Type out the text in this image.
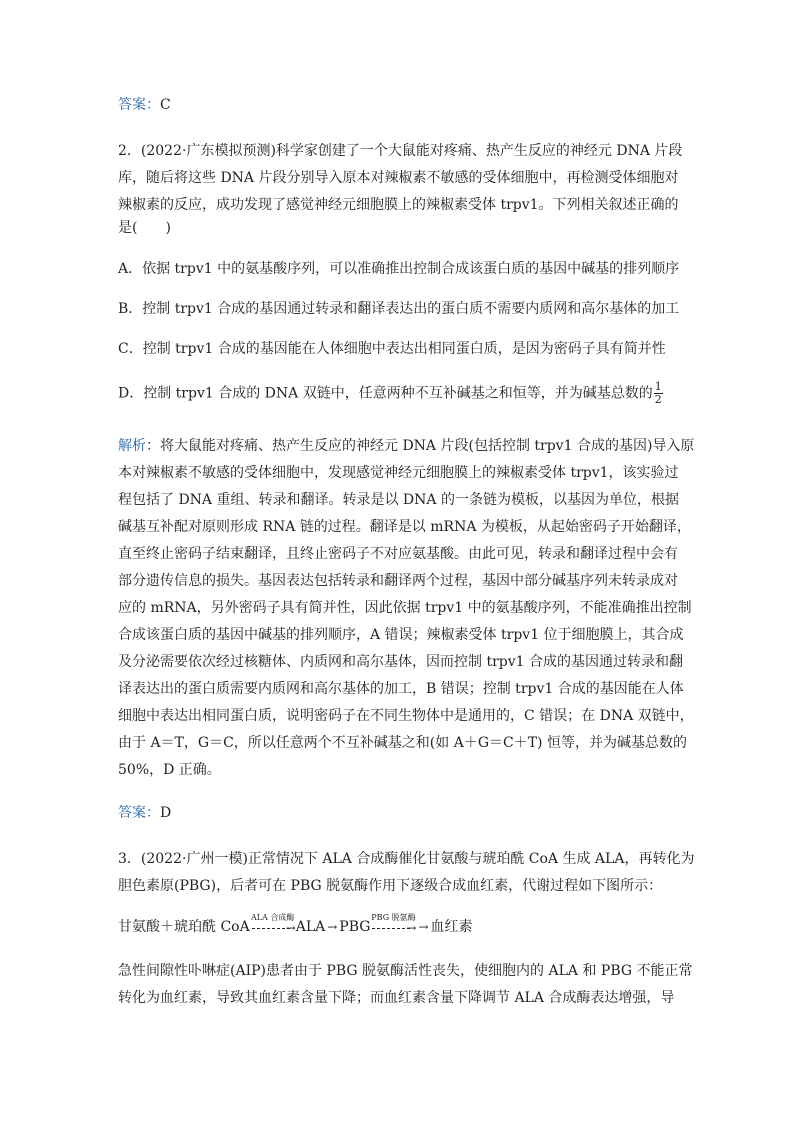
答案：C
2．(2022·广东模拟预测)科学家创建了一个大鼠能对疼痛、热产生反应的神经元 DNA 片段
库，随后将这些 DNA 片段分别导入原本对辣椒素不敏感的受体细胞中，再检测受体细胞对
辣椒素的反应，成功发现了感觉神经元细胞膜上的辣椒素受体 trpv1。下列相关叙述正确的
是(　　)
A．依据 trpv1 中的氨基酸序列，可以准确推出控制合成该蛋白质的基因中碱基的排列顺序
B．控制 trpv1 合成的基因通过转录和翻译表达出的蛋白质不需要内质网和高尔基体的加工
C．控制 trpv1 合成的基因能在人体细胞中表达出相同蛋白质，是因为密码子具有简并性
D．控制 trpv1 合成的 DNA 双链中，任意两种不互补碱基之和恒等，并为碱基总数的 $\frac{1}{2}$
解析：将大鼠能对疼痛、热产生反应的神经元 DNA 片段(包括控制 trpv1 合成的基因)导入原
本对辣椒素不敏感的受体细胞中，发现感觉神经元细胞膜上的辣椒素受体 trpv1，该实验过
程包括了 DNA 重组、转录和翻译。转录是以 DNA 的一条链为模板，以基因为单位，根据
碱基互补配对原则形成 RNA 链的过程。翻译是以 mRNA 为模板，从起始密码子开始翻译，
直至终止密码子结束翻译，且终止密码子不对应氨基酸。由此可见，转录和翻译过程中会有
部分遗传信息的损失。基因表达包括转录和翻译两个过程，基因中部分碱基序列未转录成对
应的 mRNA，另外密码子具有简并性，因此依据 trpv1 中的氨基酸序列，不能准确推出控制
合成该蛋白质的基因中碱基的排列顺序，A 错误；辣椒素受体 trpv1 位于细胞膜上，其合成
及分泌需要依次经过核糖体、内质网和高尔基体，因而控制 trpv1 合成的基因通过转录和翻
译表达出的蛋白质需要内质网和高尔基体的加工，B 错误；控制 trpv1 合成的基因能在人体
细胞中表达出相同蛋白质，说明密码子在不同生物体中是通用的，C 错误；在 DNA 双链中，
由于 A＝T，G＝C，所以任意两个不互补碱基之和(如 A＋G＝C＋T) 恒等，并为碱基总数的
50%，D 正确。
答案：D
3．(2022·广州一模)正常情况下 ALA 合成酶催化甘氨酸与琥珀酰 CoA 生成 ALA，再转化为
胆色素原(PBG)，后者可在 PBG 脱氨酶作用下逐级合成血红素，代谢过程如下图所示：
甘氨酸＋琥珀酰 CoA
ALA 合成酶
→ ALA → PBG
PBG 脱氨酶
→ → 血红素
急性间隙性卟啉症(AIP)患者由于 PBG 脱氨酶活性丧失，使细胞内的 ALA 和 PBG 不能正常
转化为血红素，导致其血红素含量下降；而血红素含量下降调节 ALA 合成酶表达增强，导
